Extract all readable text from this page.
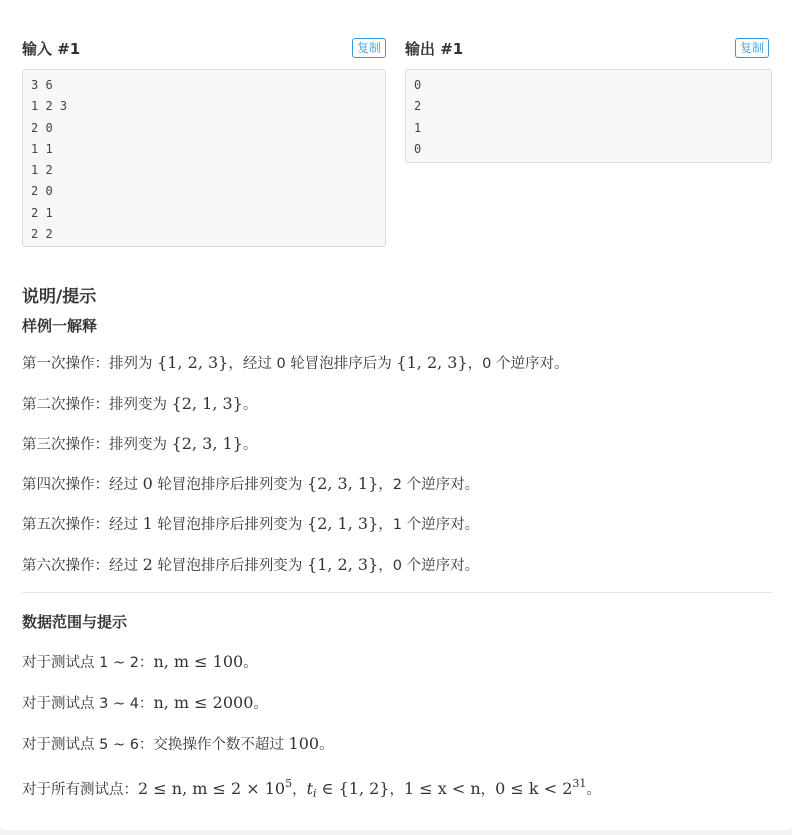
输入 #1	复制
3 6
1 2 3
2 0
1 1
1 2
2 0
2 1
2 2
输出 #1	复制
0
2
1
0
说明/提示
样例一解释
第一次操作：排列为 {1, 2, 3}，经过 0 轮冒泡排序后为 {1, 2, 3}，0 个逆序对。
第二次操作：排列变为 {2, 1, 3}。
第三次操作：排列变为 {2, 3, 1}。
第四次操作：经过 0 轮冒泡排序后排列变为 {2, 3, 1}，2 个逆序对。
第五次操作：经过 1 轮冒泡排序后排列变为 {2, 1, 3}，1 个逆序对。
第六次操作：经过 2 轮冒泡排序后排列变为 {1, 2, 3}，0 个逆序对。
数据范围与提示
对于测试点 1 ~ 2：n, m ≤ 100。
对于测试点 3 ~ 4：n, m ≤ 2000。
对于测试点 5 ~ 6：交换操作个数不超过 100。
对于所有测试点：2 ≤ n, $m \le 2 \times 10^5$，$t_i$ ∈ {1, 2}，1 ≤ x < n，$0 \le k < 2^{31}$。
